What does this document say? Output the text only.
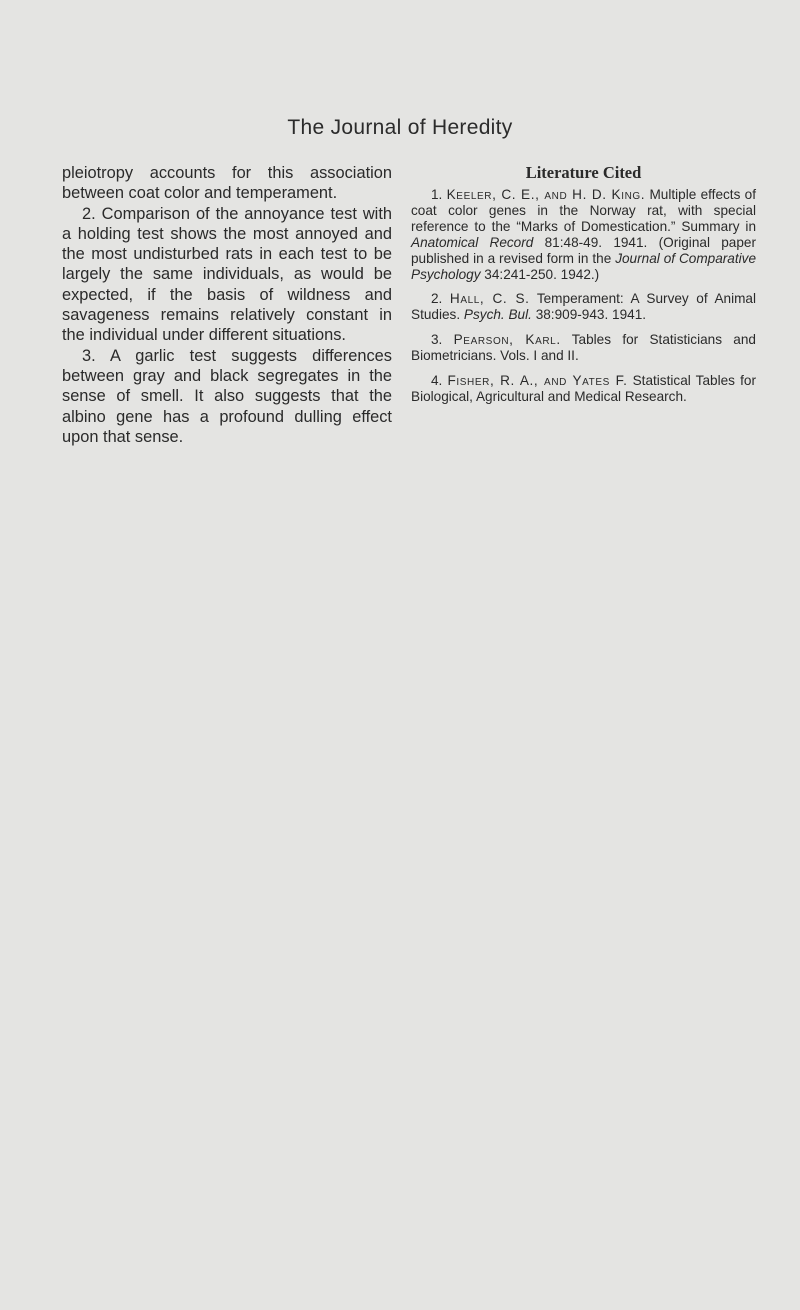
The Journal of Heredity

pleiotropy accounts for this association between coat color and temperament.

2. Comparison of the annoyance test with a holding test shows the most annoyed and the most undisturbed rats in each test to be largely the same individuals, as would be expected, if the basis of wildness and savageness remains relatively constant in the individual under different situations.

3. A garlic test suggests differences between gray and black segregates in the sense of smell. It also suggests that the albino gene has a profound dulling effect upon that sense.

Literature Cited

1. Keeler, C. E., and H. D. King. Multiple effects of coat color genes in the Norway rat, with special reference to the “Marks of Domestication.” Summary in Anatomical Record 81:48-49. 1941. (Original paper published in a revised form in the Journal of Comparative Psychology 34:241-250. 1942.)

2. Hall, C. S. Temperament: A Survey of Animal Studies. Psych. Bul. 38:909-943. 1941.

3. Pearson, Karl. Tables for Statisticians and Biometricians. Vols. I and II.

4. Fisher, R. A., and Yates F. Statistical Tables for Biological, Agricultural and Medical Research.
